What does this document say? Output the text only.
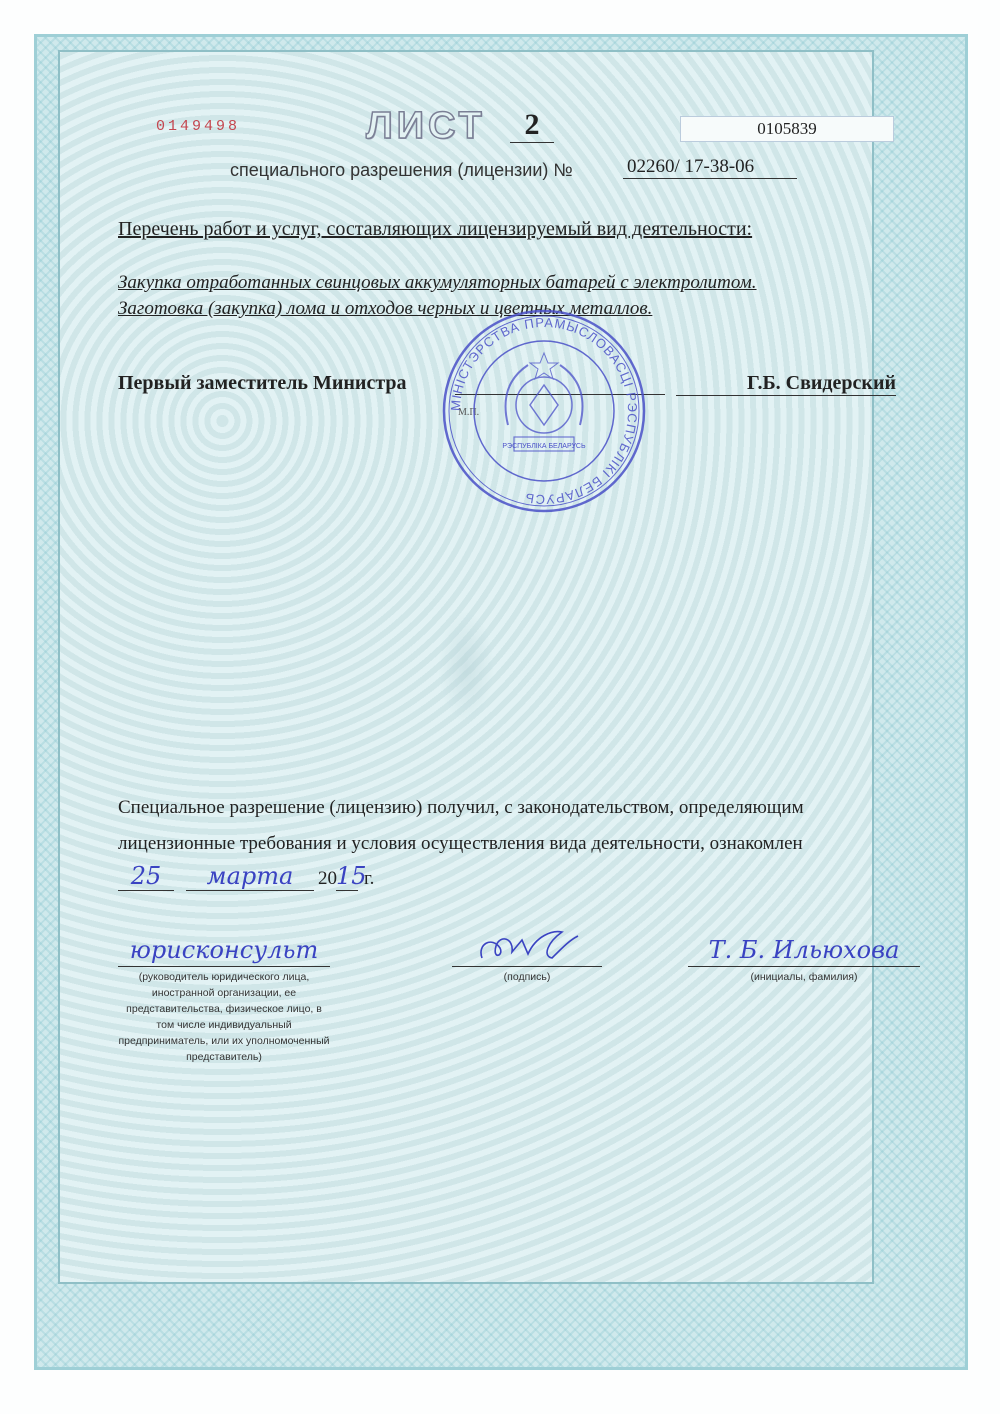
0149498	ЛИСТ	2	0105839
специального разрешения (лицензии) №	02260/ 17-38-06
Перечень работ и услуг, составляющих лицензируемый вид деятельности:
Закупка отработанных свинцовых аккумуляторных батарей с электролитом.
Заготовка (закупка) лома и отходов черных и цветных металлов.
Первый заместитель Министра	Г.Б. Свидерский
М.П.
МІНІСТЭРСТВА ПРАМЫСЛОВАСЦІ РЭСПУБЛІКІ БЕЛАРУСЬ
РЭСПУБЛІКА БЕЛАРУСЬ
Специальное разрешение (лицензию) получил, с законодательством, определяющим
лицензионные требования и условия осуществления вида деятельности, ознакомлен
25	марта	20 15
г.
юрисконсульт
(руководитель юридического лица, иностранной организации, ее представительства, физическое лицо, в том числе индивидуальный предприниматель, или их уполномоченный представитель)
(подпись)
Т. Б. Ильюхова
(инициалы, фамилия)
